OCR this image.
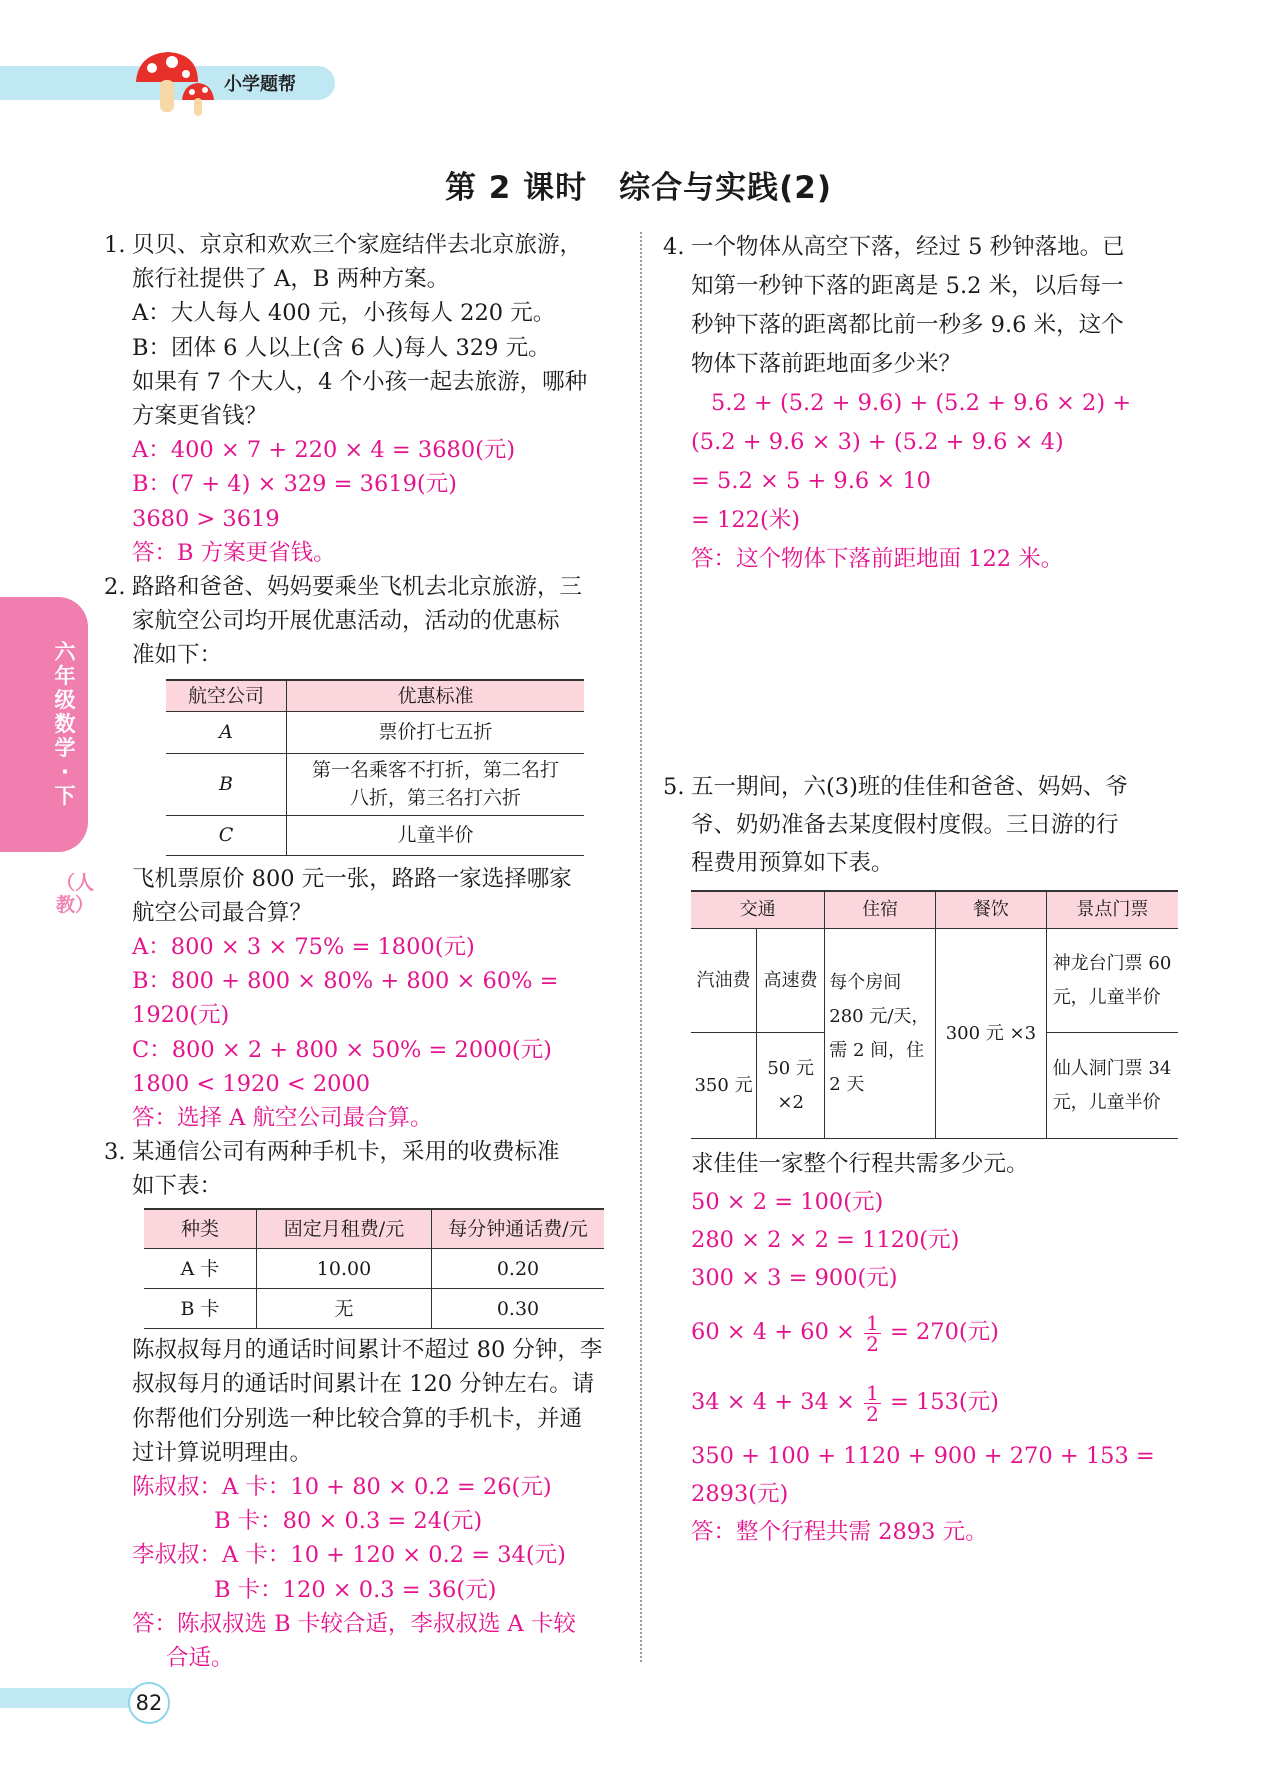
小学题帮
六年级数学·下
（人教）
第 2 课时　综合与实践(2)
1. 贝贝、京京和欢欢三个家庭结伴去北京旅游，
旅行社提供了 A，B 两种方案。
A：大人每人 400 元，小孩每人 220 元。
B：团体 6 人以上(含 6 人)每人 329 元。
如果有 7 个大人，4 个小孩一起去旅游，哪种
方案更省钱？
A：400 × 7 + 220 × 4 = 3680(元)
B：(7 + 4) × 329 = 3619(元)
3680 > 3619
答：B 方案更省钱。
2. 路路和爸爸、妈妈要乘坐飞机去北京旅游，三
家航空公司均开展优惠活动，活动的优惠标
准如下：
航空公司	优惠标准
A	票价打七五折
B	第一名乘客不打折，第二名打八折，第三名打六折
C	儿童半价
飞机票原价 800 元一张，路路一家选择哪家
航空公司最合算？
A：800 × 3 × 75% = 1800(元)
B：800 + 800 × 80% + 800 × 60% = 1920(元)
C：800 × 2 + 800 × 50% = 2000(元)
1800 < 1920 < 2000
答：选择 A 航空公司最合算。
3. 某通信公司有两种手机卡，采用的收费标准
如下表：
种类	固定月租费/元	每分钟通话费/元
A 卡	10.00	0.20
B 卡	无	0.30
陈叔叔每月的通话时间累计不超过 80 分钟，李
叔叔每月的通话时间累计在 120 分钟左右。请
你帮他们分别选一种比较合算的手机卡，并通
过计算说明理由。
陈叔叔：A 卡：10 + 80 × 0.2 = 26(元)
B 卡：80 × 0.3 = 24(元)
李叔叔：A 卡：10 + 120 × 0.2 = 34(元)
B 卡：120 × 0.3 = 36(元)
答：陈叔叔选 B 卡较合适，李叔叔选 A 卡较
合适。
4. 一个物体从高空下落，经过 5 秒钟落地。已
知第一秒钟下落的距离是 5.2 米，以后每一
秒钟下落的距离都比前一秒多 9.6 米，这个
物体下落前距地面多少米？
5.2 + (5.2 + 9.6) + (5.2 + 9.6 × 2) +
(5.2 + 9.6 × 3) + (5.2 + 9.6 × 4)
= 5.2 × 5 + 9.6 × 10
= 122(米)
答：这个物体下落前距地面 122 米。
5. 五一期间，六(3)班的佳佳和爸爸、妈妈、爷
爷、奶奶准备去某度假村度假。三日游的行
程费用预算如下表。
交通		住宿	餐饮	景点门票
汽油费	高速费	每个房间 280 元/天，需 2 间，住 2 天	300 元 ×3	神龙台门票 60 元，儿童半价
350 元	50 元 ×2			仙人洞门票 34 元，儿童半价
求佳佳一家整个行程共需多少元。
50 × 2 = 100(元)
280 × 2 × 2 = 1120(元)
300 × 3 = 900(元)
$60 \times 4 + 60 \times \frac{1}{2} = 270$(元)
$34 \times 4 + 34 \times \frac{1}{2} = 153$(元)
350 + 100 + 1120 + 900 + 270 + 153 = 2893(元)
答：整个行程共需 2893 元。
82
